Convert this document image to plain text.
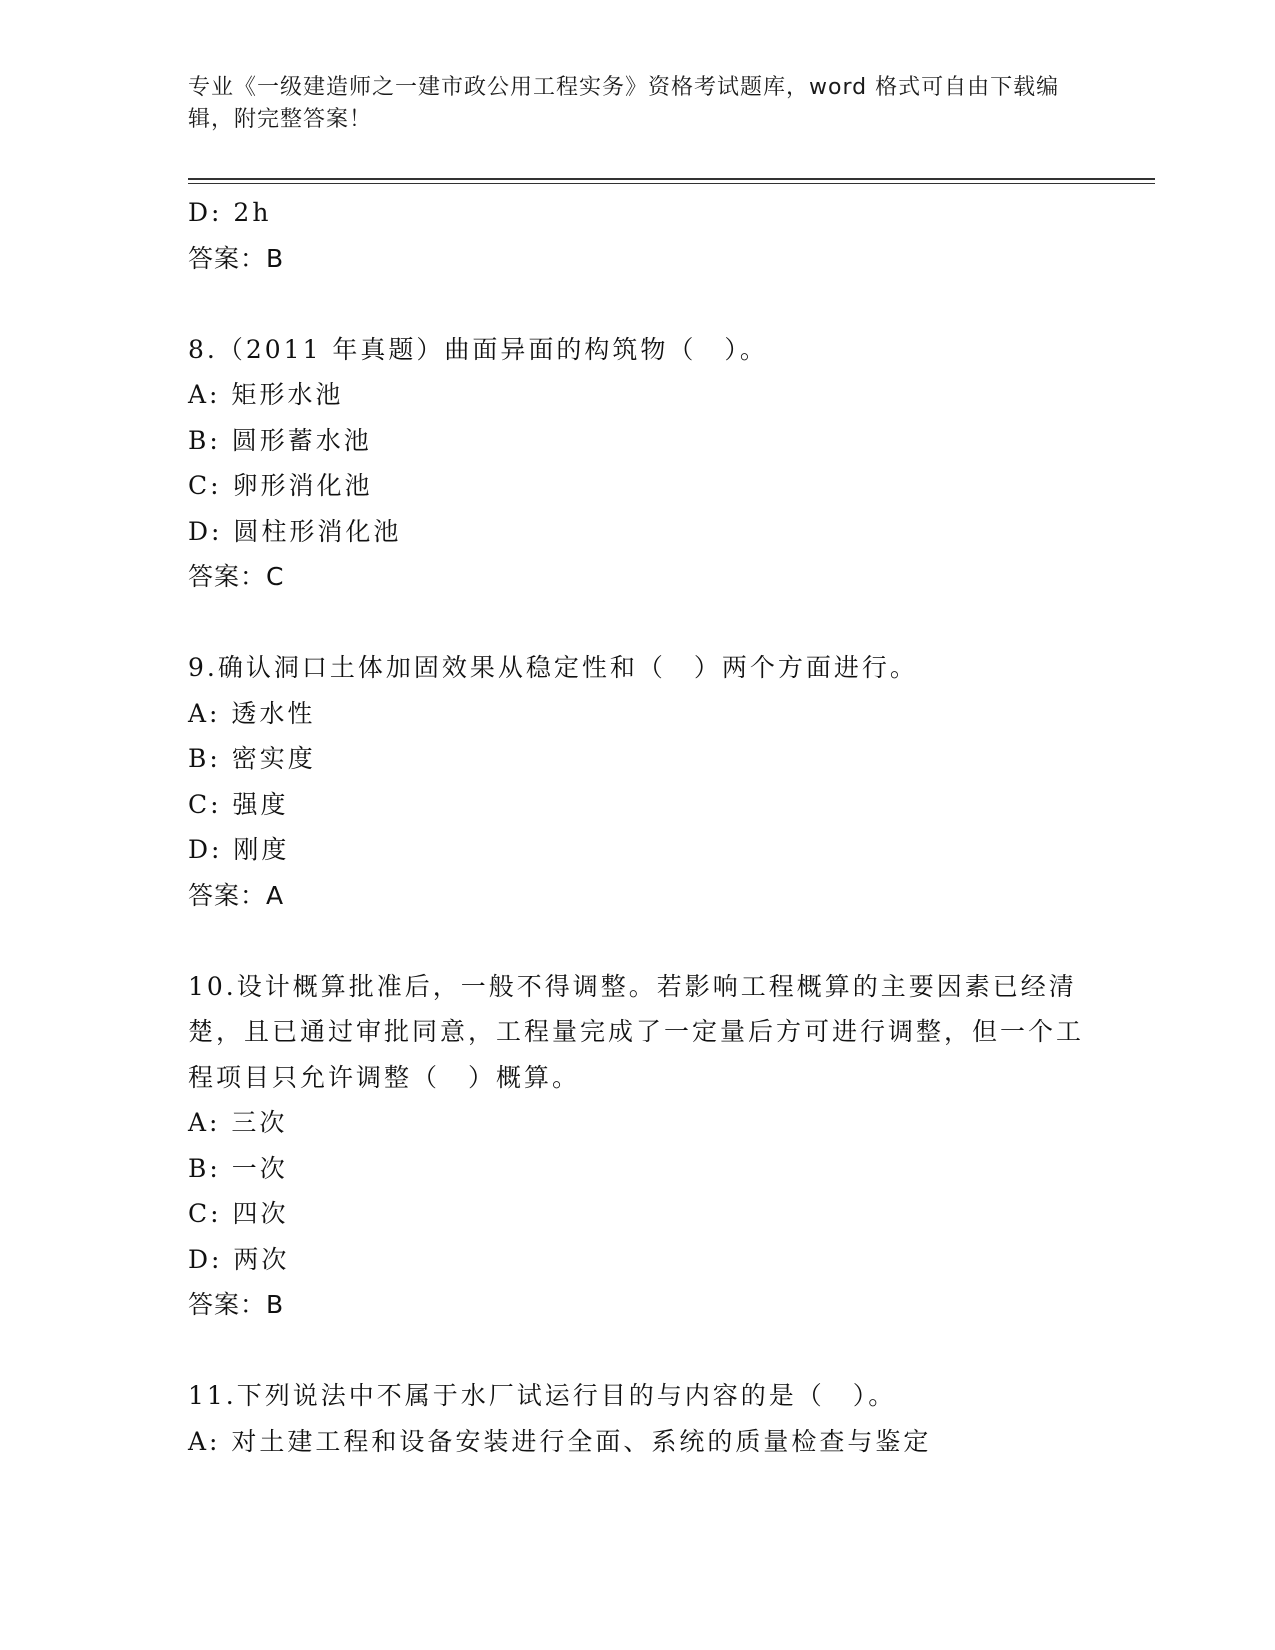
专业《一级建造师之一建市政公用工程实务》资格考试题库，word 格式可自由下载编辑，附完整答案！
D: 2h
答案：B
8.（2011 年真题）曲面异面的构筑物（　）。
A: 矩形水池
B: 圆形蓄水池
C: 卵形消化池
D: 圆柱形消化池
答案：C
9.确认洞口土体加固效果从稳定性和（　）两个方面进行。
A: 透水性
B: 密实度
C: 强度
D: 刚度
答案：A
10.设计概算批准后，一般不得调整。若影响工程概算的主要因素已经清楚，且已通过审批同意，工程量完成了一定量后方可进行调整，但一个工程项目只允许调整（　）概算。
A: 三次
B: 一次
C: 四次
D: 两次
答案：B
11.下列说法中不属于水厂试运行目的与内容的是（　）。
A: 对土建工程和设备安装进行全面、系统的质量检查与鉴定
